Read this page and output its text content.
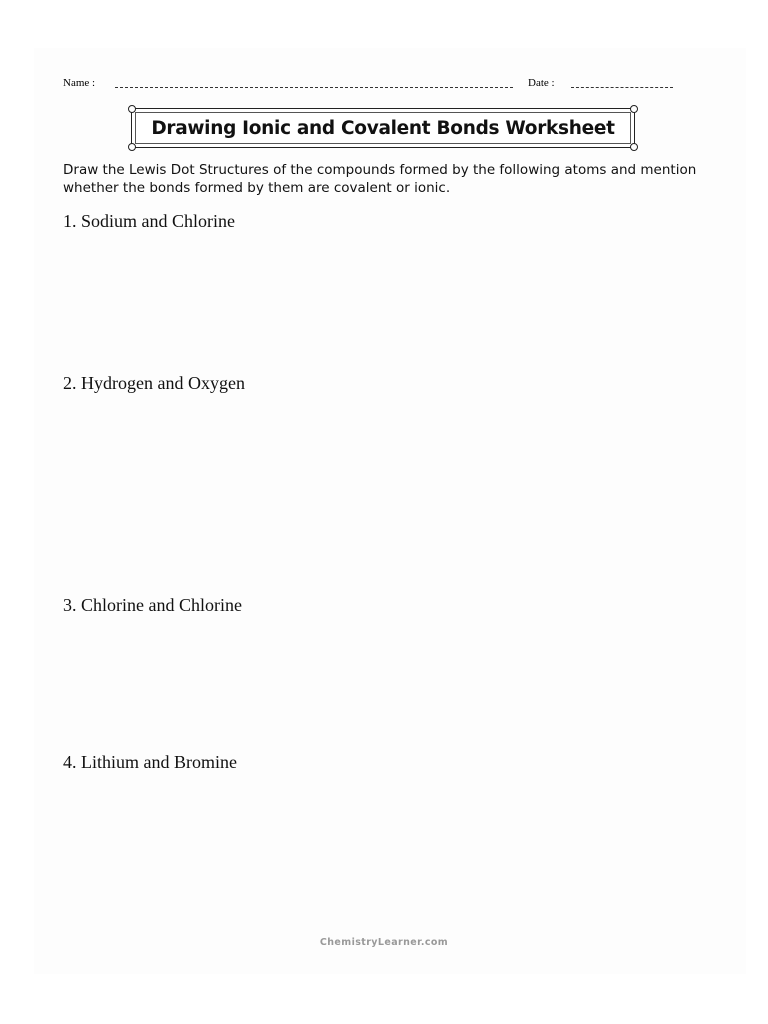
Name :	Date :
Drawing Ionic and Covalent Bonds Worksheet
Draw the Lewis Dot Structures of the compounds formed by the following atoms and mention whether the bonds formed by them are covalent or ionic.
1. Sodium and Chlorine
2. Hydrogen and Oxygen
3. Chlorine and Chlorine
4. Lithium and Bromine
ChemistryLearner.com
